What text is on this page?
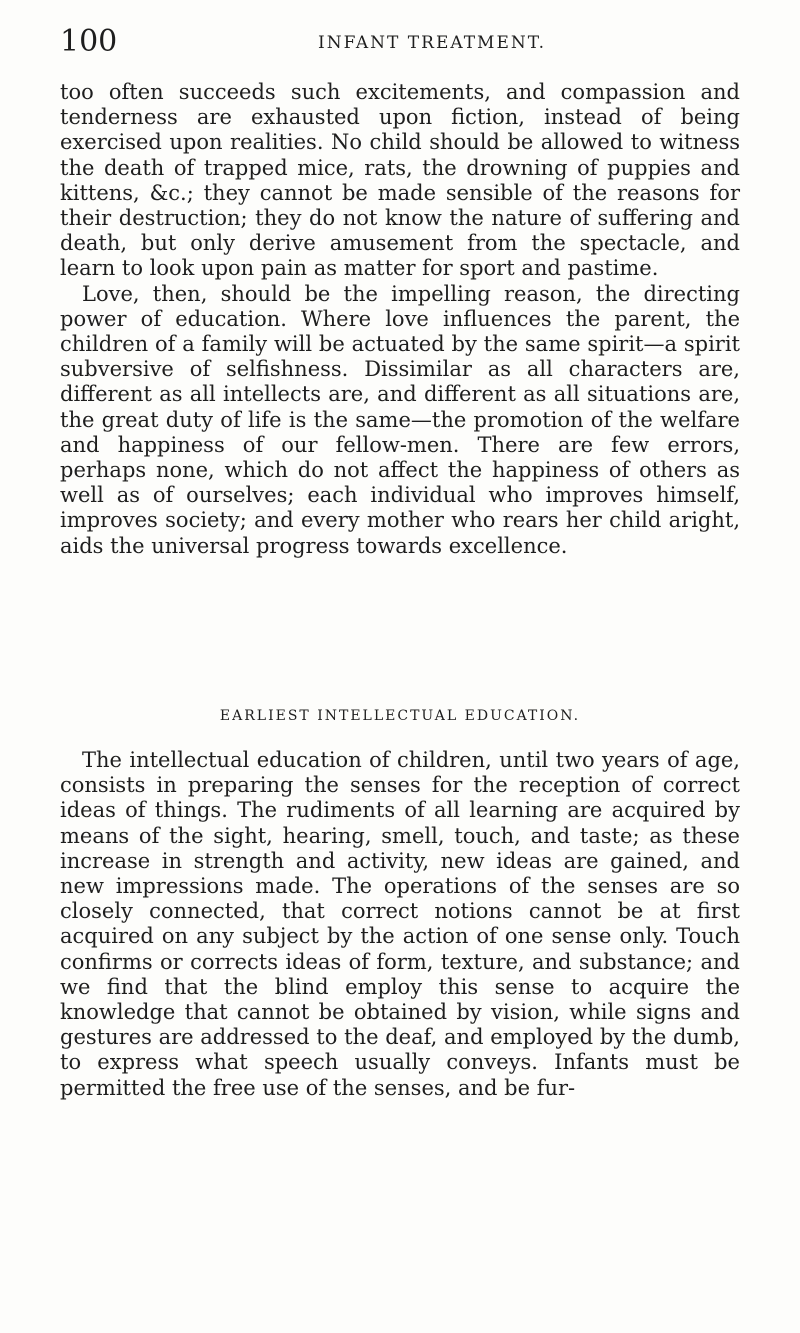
100	INFANT TREATMENT.

too often succeeds such excitements, and compassion and tenderness are exhausted upon fiction, instead of being exercised upon realities. No child should be allowed to witness the death of trapped mice, rats, the drowning of puppies and kittens, &c.; they cannot be made sensible of the reasons for their destruction; they do not know the nature of suffering and death, but only derive amusement from the spectacle, and learn to look upon pain as matter for sport and pastime.

Love, then, should be the impelling reason, the directing power of education. Where love influences the parent, the children of a family will be actuated by the same spirit—a spirit subversive of selfishness. Dissimilar as all characters are, different as all intellects are, and different as all situations are, the great duty of life is the same—the promotion of the welfare and happiness of our fellow-men. There are few errors, perhaps none, which do not affect the happiness of others as well as of ourselves; each individual who improves himself, improves society; and every mother who rears her child aright, aids the universal progress towards excellence.

EARLIEST INTELLECTUAL EDUCATION.

The intellectual education of children, until two years of age, consists in preparing the senses for the reception of correct ideas of things. The rudiments of all learning are acquired by means of the sight, hearing, smell, touch, and taste; as these increase in strength and activity, new ideas are gained, and new impressions made. The operations of the senses are so closely connected, that correct notions cannot be at first acquired on any subject by the action of one sense only. Touch confirms or corrects ideas of form, texture, and substance; and we find that the blind employ this sense to acquire the knowledge that cannot be obtained by vision, while signs and gestures are addressed to the deaf, and employed by the dumb, to express what speech usually conveys. Infants must be permitted the free use of the senses, and be fur-
